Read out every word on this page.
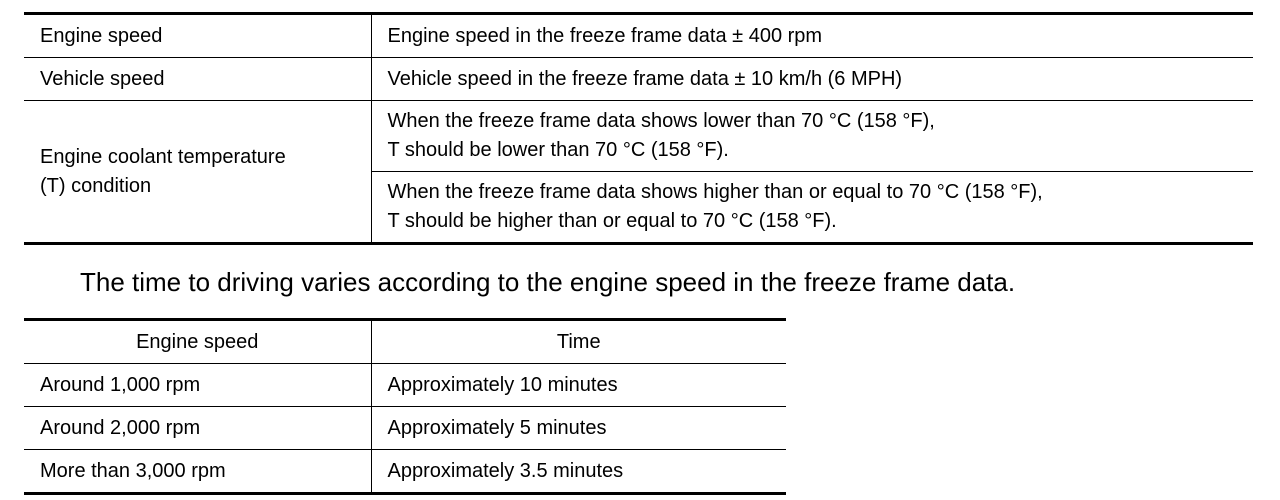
Engine speed	Engine speed in the freeze frame data ± 400 rpm
Vehicle speed	Vehicle speed in the freeze frame data ± 10 km/h (6 MPH)

Engine coolant temperature
(T) condition	When the freeze frame data shows lower than 70 °C (158 °F),
T should be lower than 70 °C (158 °F).

	When the freeze frame data shows higher than or equal to 70 °C (158 °F),
T should be higher than or equal to 70 °C (158 °F).

The time to driving varies according to the engine speed in the freeze frame data.

Engine speed	Time
Around 1,000 rpm	Approximately 10 minutes
Around 2,000 rpm	Approximately 5 minutes
More than 3,000 rpm	Approximately 3.5 minutes
